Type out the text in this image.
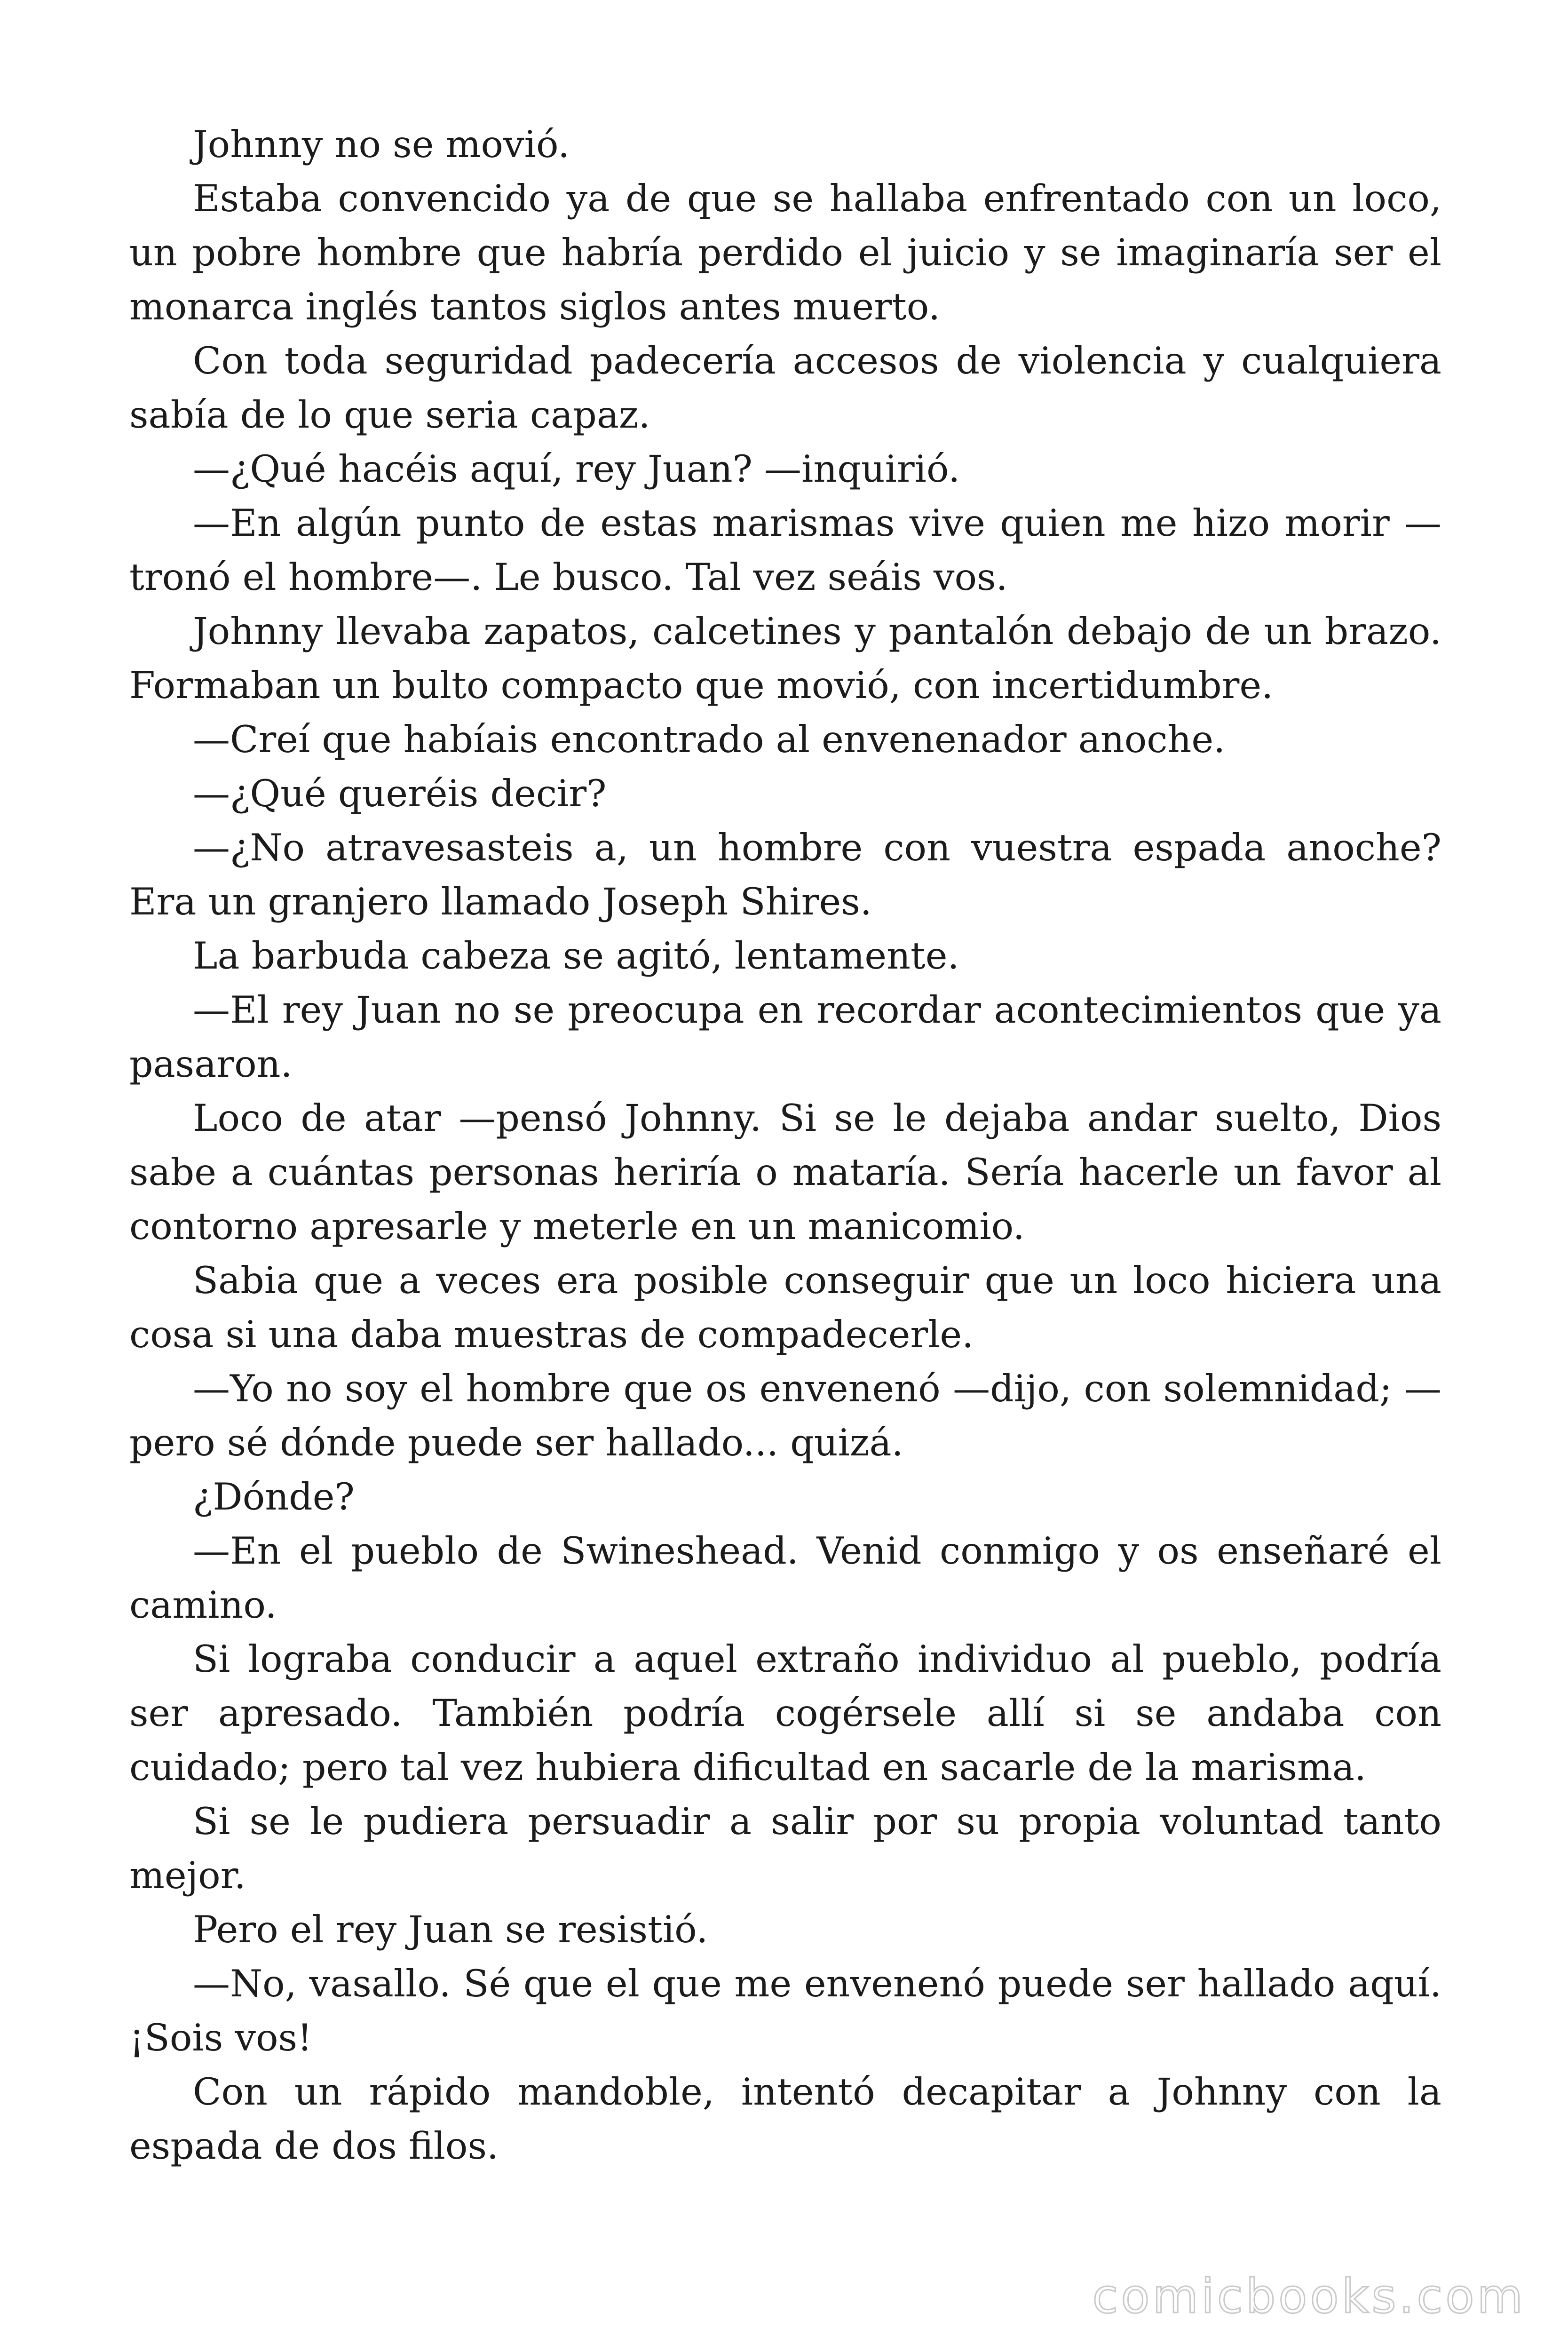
Johnny no se movió.

Estaba convencido ya de que se hallaba enfrentado con un loco, un pobre hombre que habría perdido el juicio y se imaginaría ser el monarca inglés tantos siglos antes muerto.

Con toda seguridad padecería accesos de violencia y cualquiera sabía de lo que seria capaz.

—¿Qué hacéis aquí, rey Juan? —inquirió.

—En algún punto de estas marismas vive quien me hizo morir —tronó el hombre—. Le busco. Tal vez seáis vos.

Johnny llevaba zapatos, calcetines y pantalón debajo de un brazo. Formaban un bulto compacto que movió, con incertidumbre.

—Creí que habíais encontrado al envenenador anoche.

—¿Qué queréis decir?

—¿No atravesasteis a, un hombre con vuestra espada anoche? Era un granjero llamado Joseph Shires.

La barbuda cabeza se agitó, lentamente.

—El rey Juan no se preocupa en recordar acontecimientos que ya pasaron.

Loco de atar —pensó Johnny. Si se le dejaba andar suelto, Dios sabe a cuántas personas heriría o mataría. Sería hacerle un favor al contorno apresarle y meterle en un manicomio.

Sabia que a veces era posible conseguir que un loco hiciera una cosa si una daba muestras de compadecerle.

—Yo no soy el hombre que os envenenó —dijo, con solemnidad; — pero sé dónde puede ser hallado... quizá.

¿Dónde?

—En el pueblo de Swineshead. Venid conmigo y os enseñaré el camino.

Si lograba conducir a aquel extraño individuo al pueblo, podría ser apresado. También podría cogérsele allí si se andaba con cuidado; pero tal vez hubiera dificultad en sacarle de la marisma.

Si se le pudiera persuadir a salir por su propia voluntad tanto mejor.

Pero el rey Juan se resistió.

—No, vasallo. Sé que el que me envenenó puede ser hallado aquí. ¡Sois vos!

Con un rápido mandoble, intentó decapitar a Johnny con la espada de dos filos.

comicbooks.com
